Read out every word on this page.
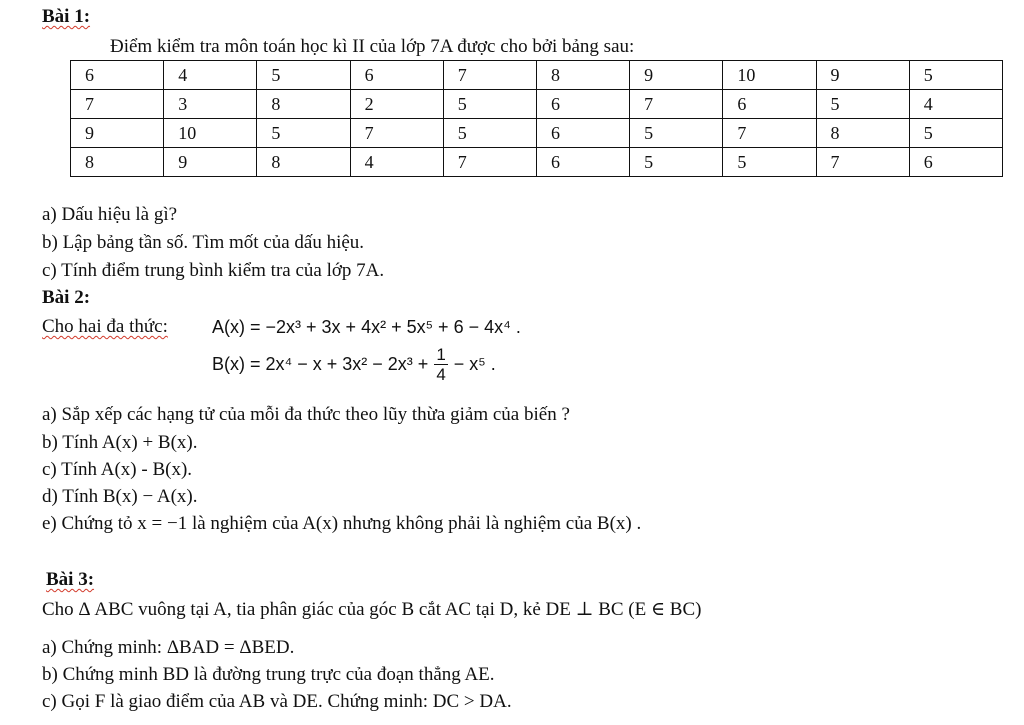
Bài 1:
Điểm kiểm tra môn toán học kì II của lớp 7A được cho bởi bảng sau:
6	4	5	6	7	8	9	10	9	5
7	3	8	2	5	6	7	6	5	4
9	10	5	7	5	6	5	7	8	5
8	9	8	4	7	6	5	5	7	6
a) Dấu hiệu là gì?
b) Lập bảng tần số. Tìm mốt của dấu hiệu.
c) Tính điểm trung bình kiểm tra của lớp 7A.
Bài 2:
Cho hai đa thức: A(x) = −2x³ + 3x + 4x² + 5x⁵ + 6 − 4x⁴ .
$B(x) = 2x^4 - x + 3x^2 - 2x^3 + \frac{1}{4} - x^5$ .
a) Sắp xếp các hạng tử của mỗi đa thức theo lũy thừa giảm của biến ?
b) Tính A(x) + B(x).
c) Tính A(x) - B(x).
d) Tính B(x) − A(x).
e) Chứng tỏ x = −1 là nghiệm của A(x) nhưng không phải là nghiệm của B(x) .
Bài 3:
Cho Δ ABC vuông tại A, tia phân giác của góc B cắt AC tại D, kẻ DE ⊥ BC (E ∈ BC)
a) Chứng minh: ΔBAD = ΔBED.
b) Chứng minh BD là đường trung trực của đoạn thẳng AE.
c) Gọi F là giao điểm của AB và DE. Chứng minh: DC > DA.
